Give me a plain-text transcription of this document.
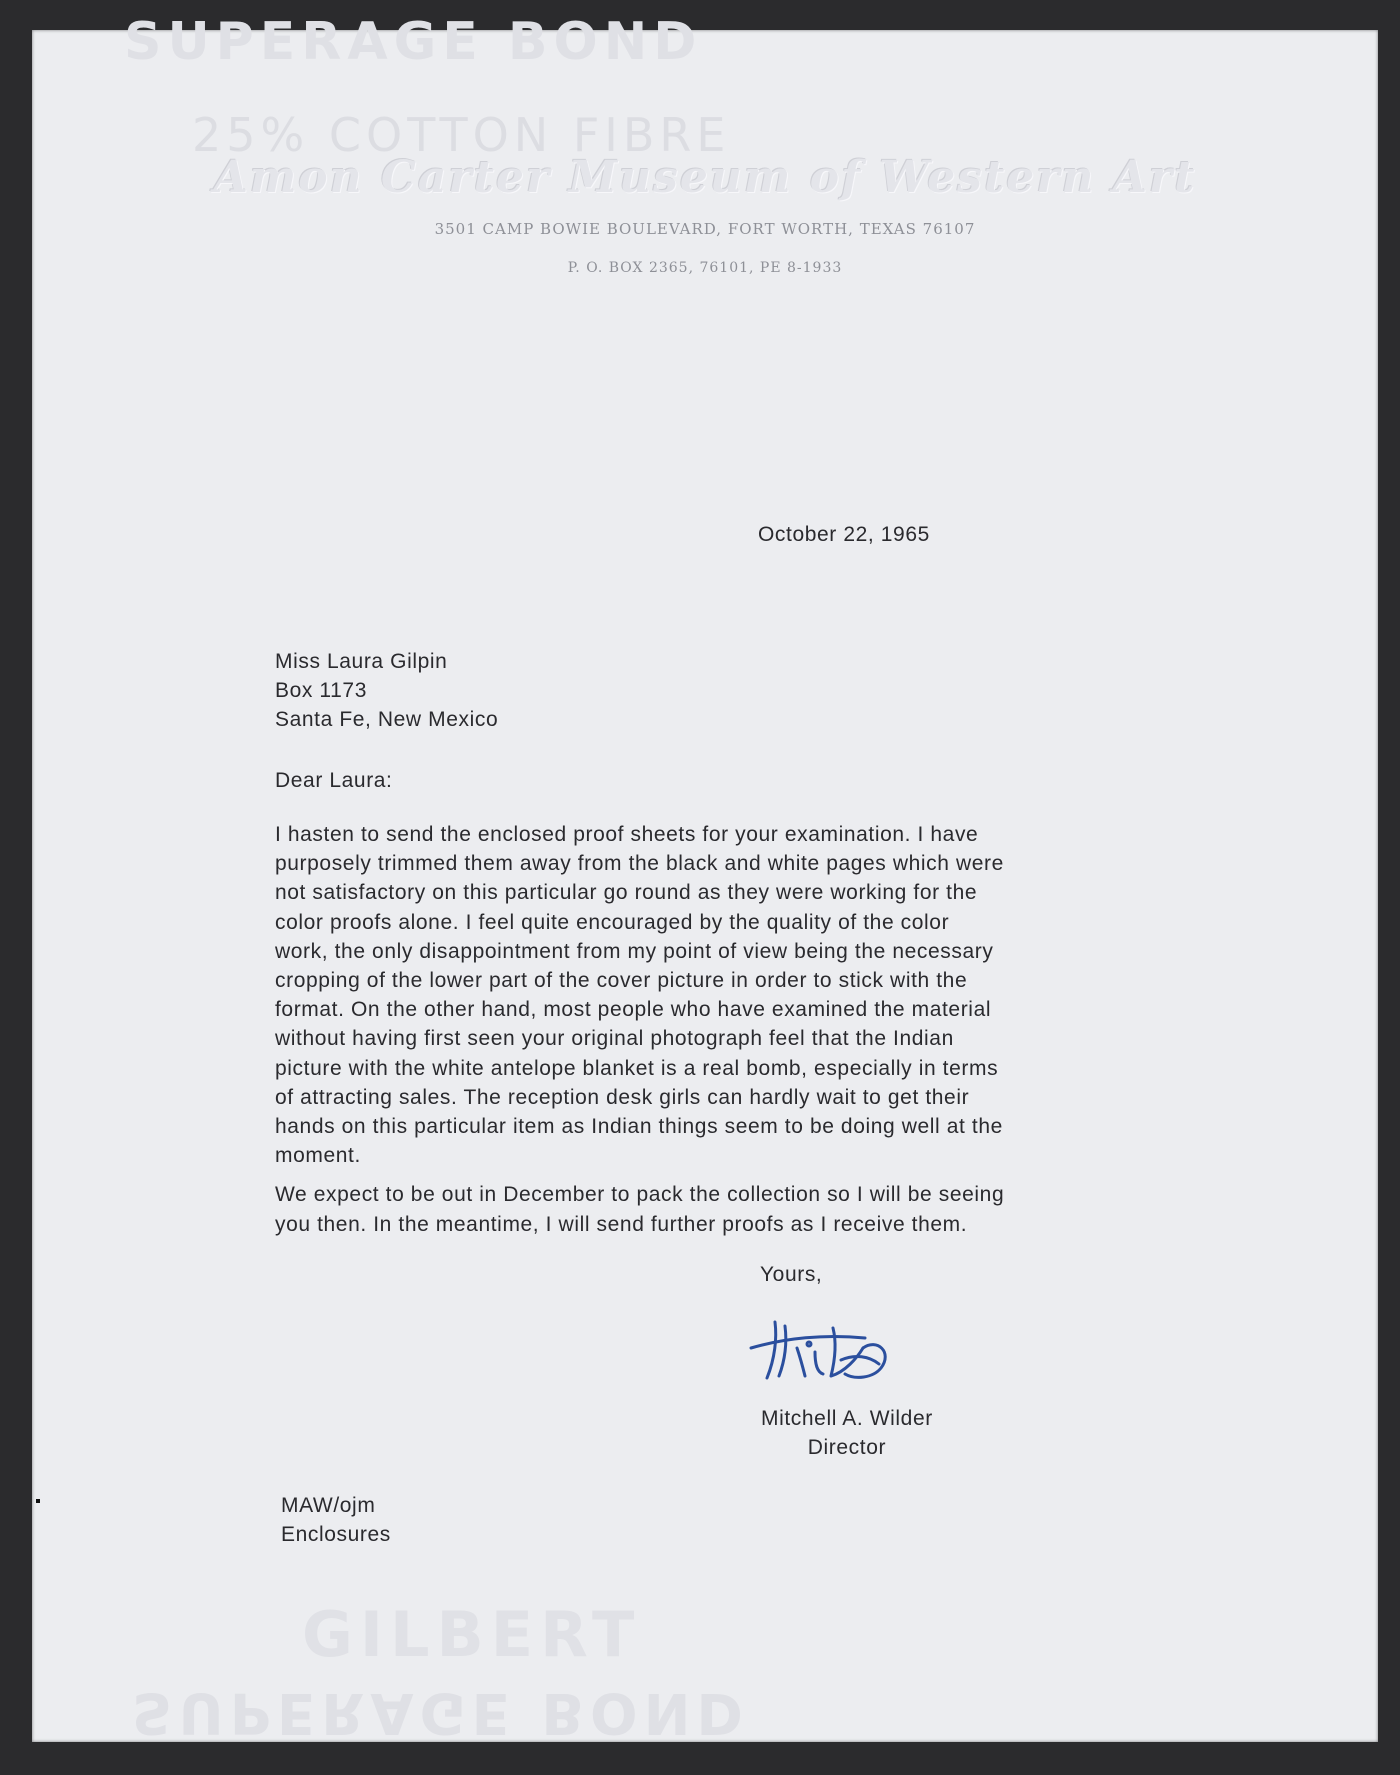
SUPERAGE BOND
25% COTTON FIBRE
GILBERT
SUPERAGE BOND
Amon Carter Museum of Western Art
3501 CAMP BOWIE BOULEVARD, FORT WORTH, TEXAS 76107
P. O. BOX 2365, 76101, PE 8-1933
October 22, 1965
Miss Laura Gilpin
Box 1173
Santa Fe, New Mexico
Dear Laura:
I hasten to send the enclosed proof sheets for your examination. I have
purposely trimmed them away from the black and white pages which were
not satisfactory on this particular go round as they were working for the
color proofs alone. I feel quite encouraged by the quality of the color
work, the only disappointment from my point of view being the necessary
cropping of the lower part of the cover picture in order to stick with the
format. On the other hand, most people who have examined the material
without having first seen your original photograph feel that the Indian
picture with the white antelope blanket is a real bomb, especially in terms
of attracting sales. The reception desk girls can hardly wait to get their
hands on this particular item as Indian things seem to be doing well at the
moment.
We expect to be out in December to pack the collection so I will be seeing
you then. In the meantime, I will send further proofs as I receive them.
Yours,
Mitchell A. Wilder
Director
MAW/ojm
Enclosures
